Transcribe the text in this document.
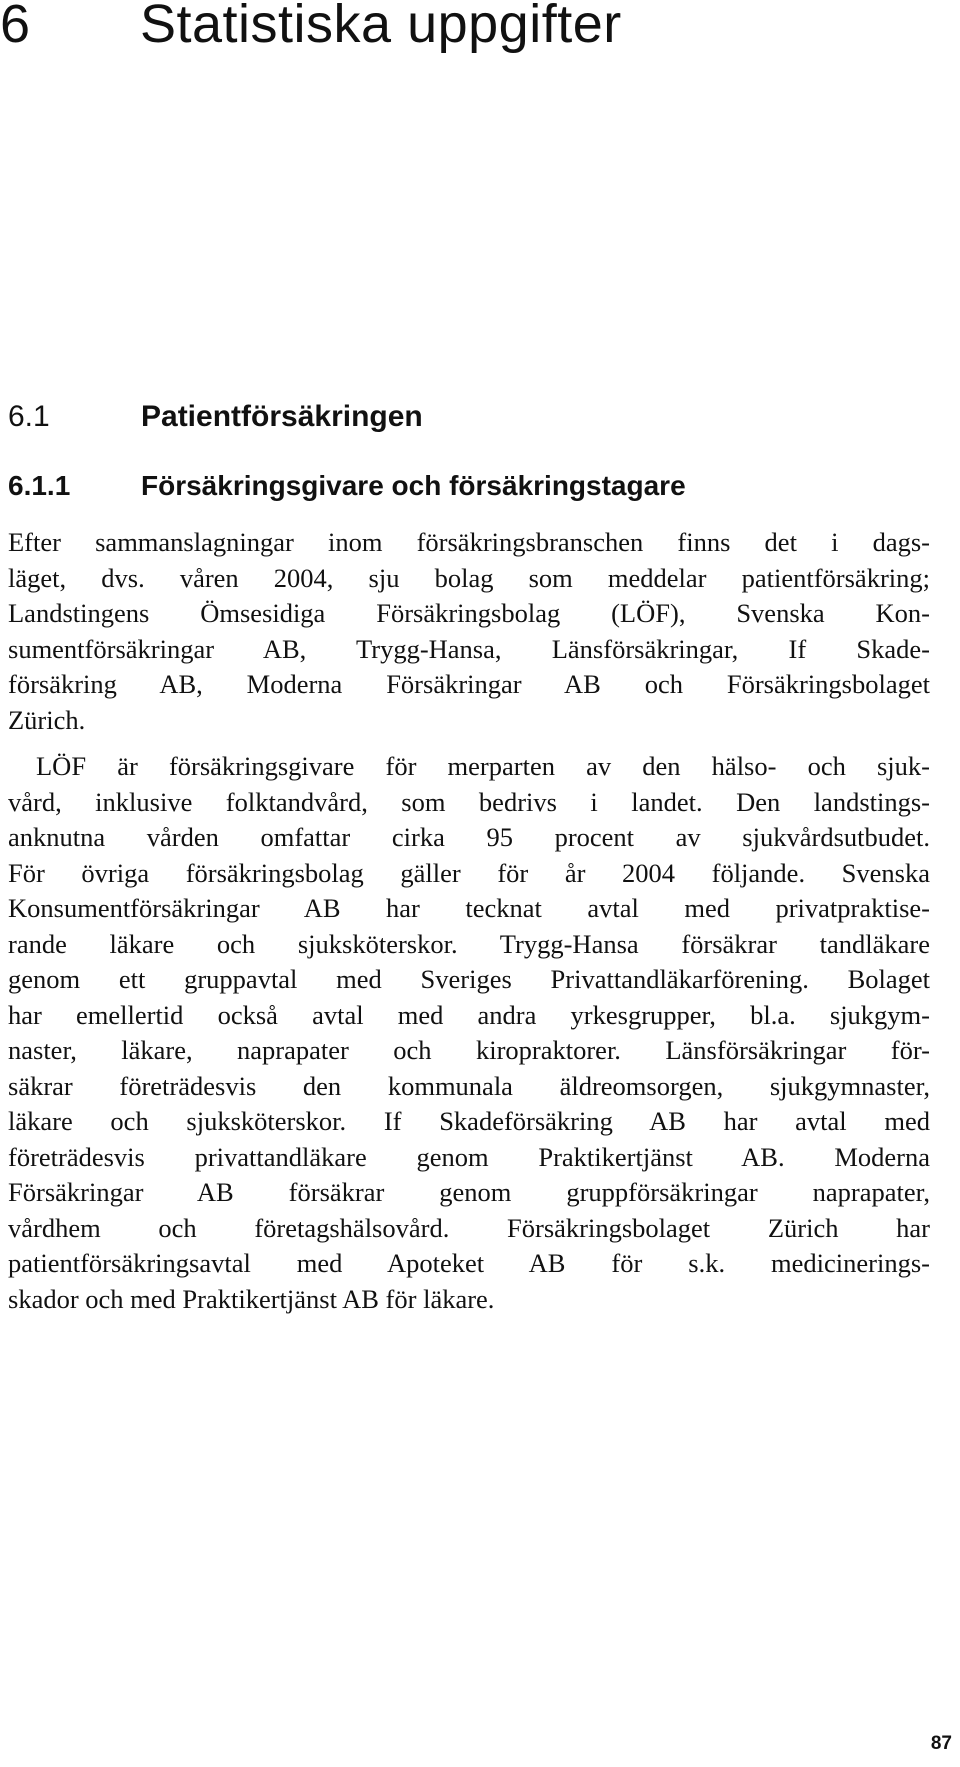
6 Statistiska uppgifter
6.1	Patientförsäkringen
6.1.1	Försäkringsgivare och försäkringstagare
Efter sammanslagningar inom försäkringsbranschen finns det i dags-
läget, dvs. våren 2004, sju bolag som meddelar patientförsäkring;
Landstingens Ömsesidiga Försäkringsbolag (LÖF), Svenska Kon-
sumentförsäkringar AB, Trygg-Hansa, Länsförsäkringar, If Skade-
försäkring AB, Moderna Försäkringar AB och Försäkringsbolaget
Zürich.
LÖF är försäkringsgivare för merparten av den hälso- och sjuk-
vård, inklusive folktandvård, som bedrivs i landet. Den landstings-
anknutna vården omfattar cirka 95 procent av sjukvårdsutbudet.
För övriga försäkringsbolag gäller för år 2004 följande. Svenska
Konsumentförsäkringar AB har tecknat avtal med privatpraktise-
rande läkare och sjuksköterskor. Trygg-Hansa försäkrar tandläkare
genom ett gruppavtal med Sveriges Privattandläkarförening. Bolaget
har emellertid också avtal med andra yrkesgrupper, bl.a. sjukgym-
naster, läkare, naprapater och kiropraktorer. Länsförsäkringar för-
säkrar företrädesvis den kommunala äldreomsorgen, sjukgymnaster,
läkare och sjuksköterskor. If Skadeförsäkring AB har avtal med
företrädesvis privattandläkare genom Praktikertjänst AB. Moderna
Försäkringar AB försäkrar genom gruppförsäkringar naprapater,
vårdhem och företagshälsovård. Försäkringsbolaget Zürich har
patientförsäkringsavtal med Apoteket AB för s.k. medicinerings-
skador och med Praktikertjänst AB för läkare.
87
